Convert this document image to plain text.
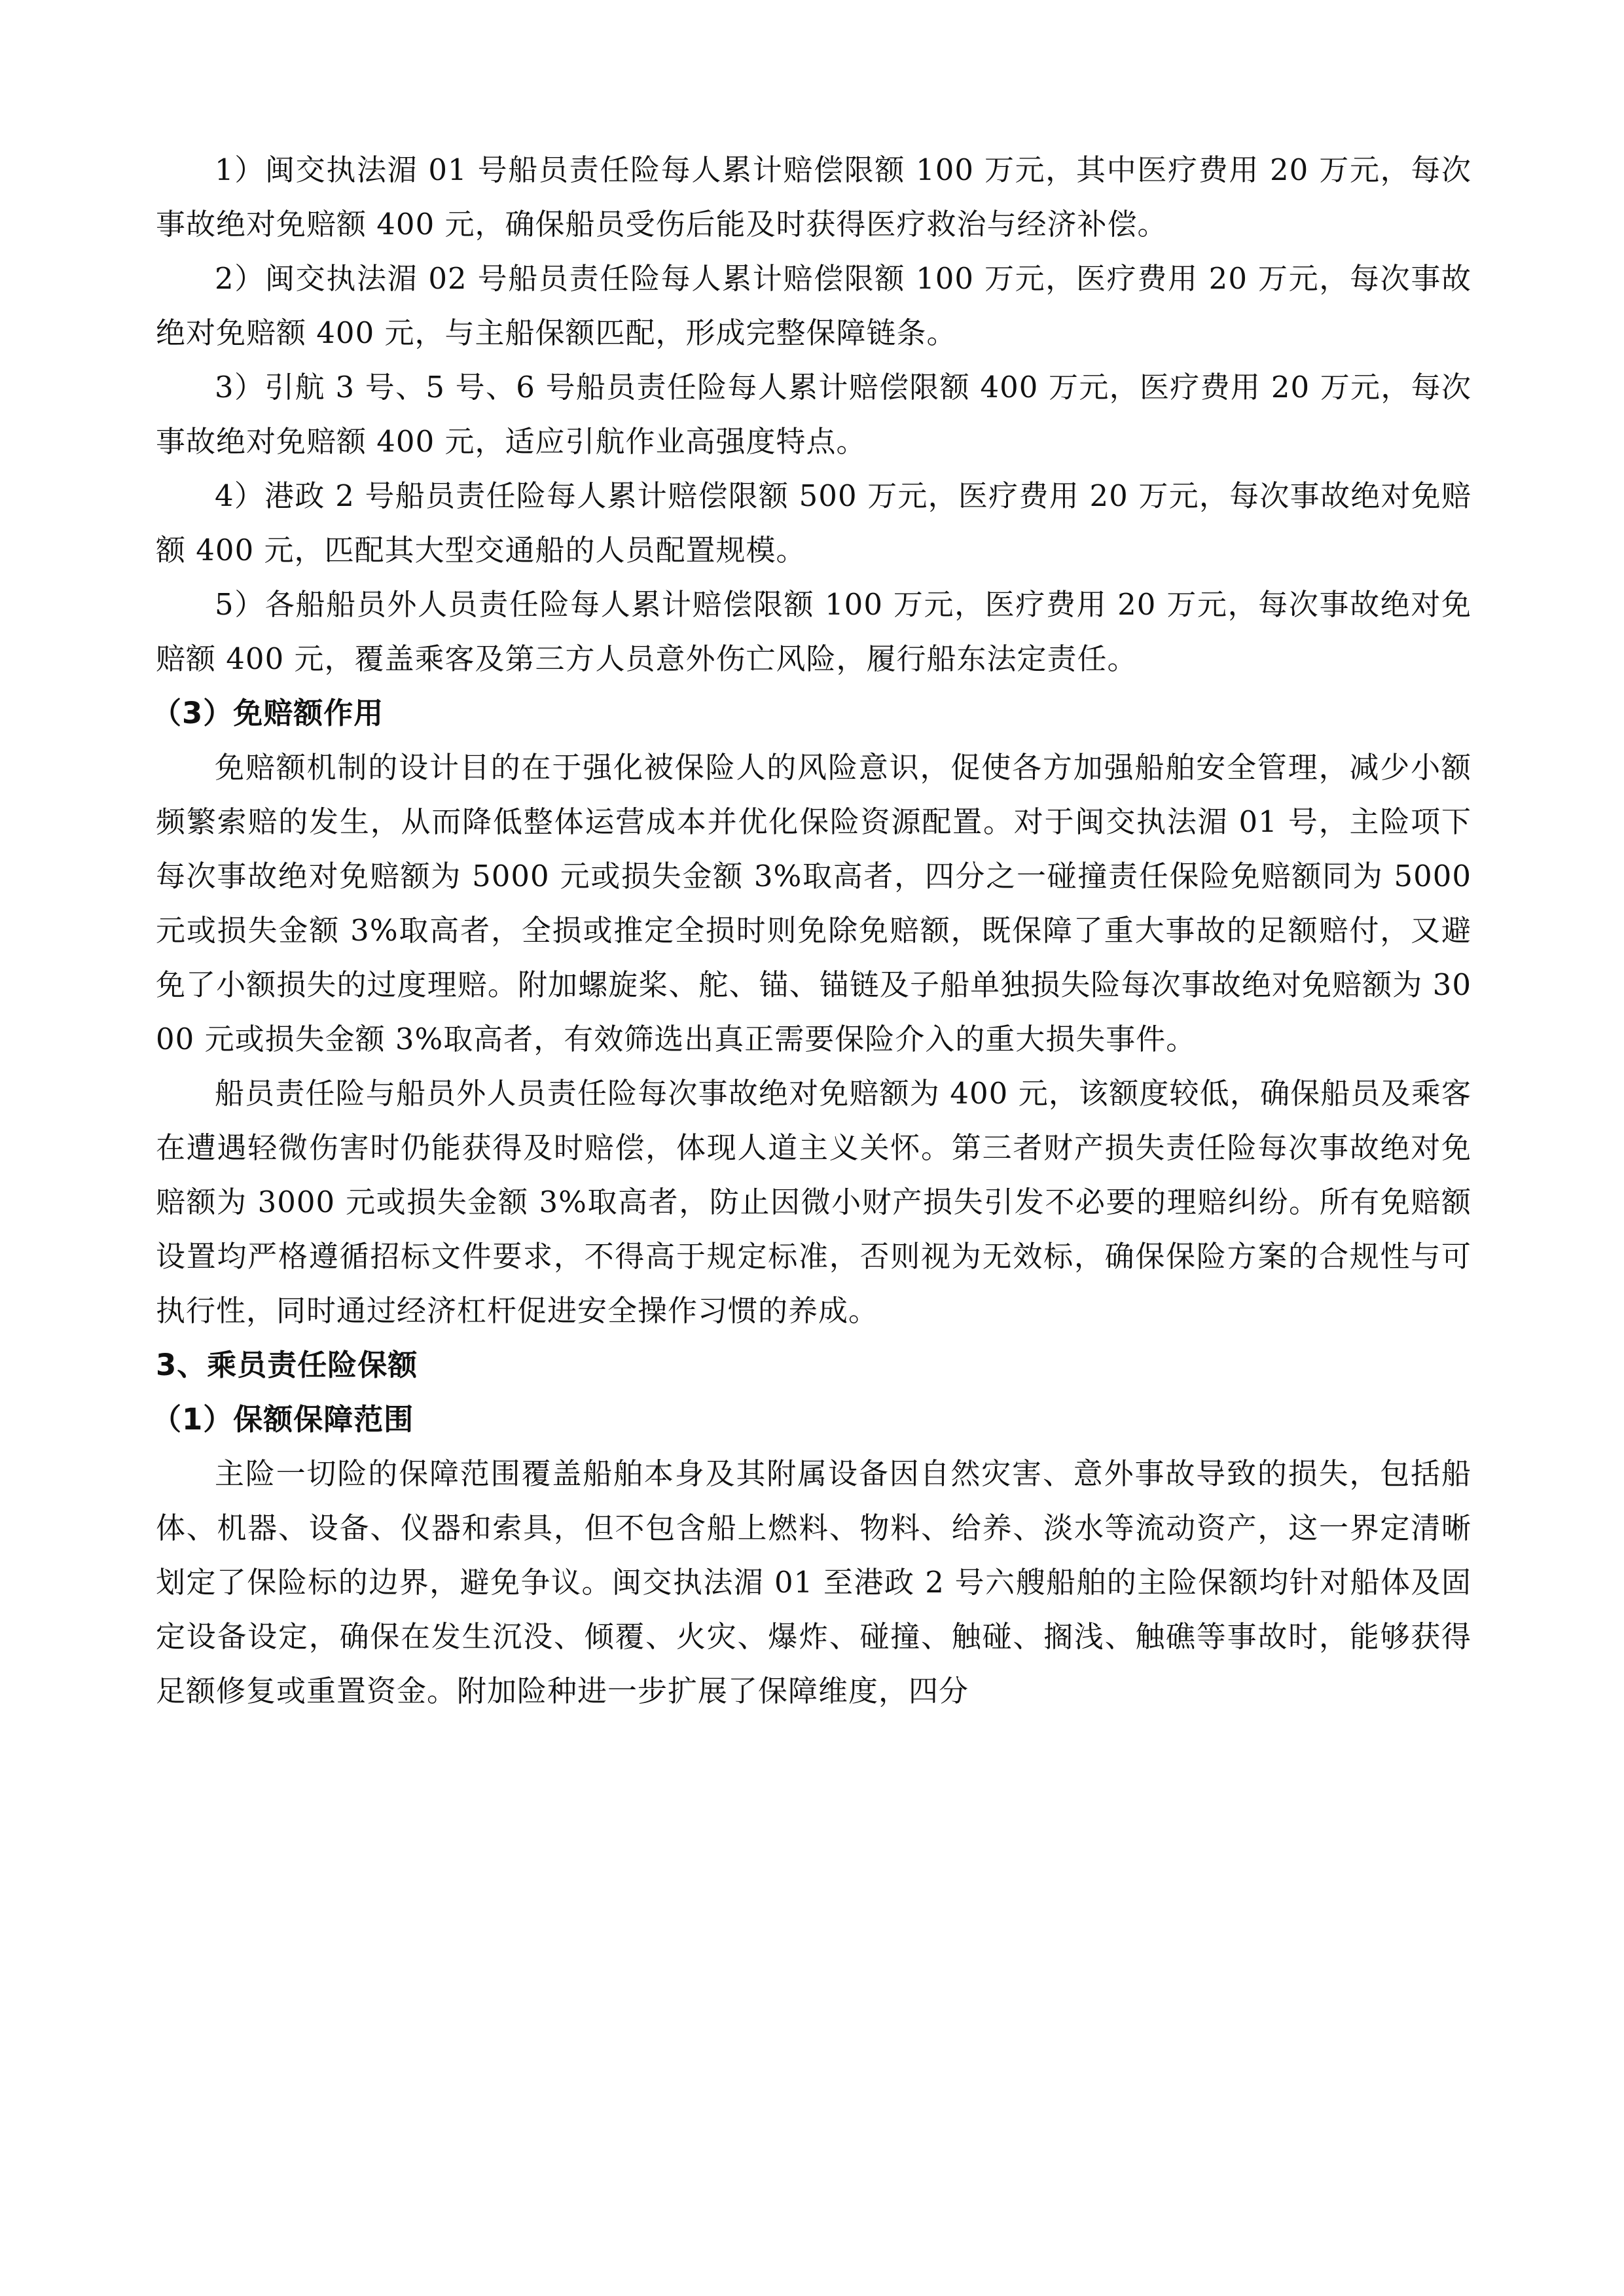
1）闽交执法湄 01 号船员责任险每人累计赔偿限额 100 万元，其中医疗费用 20 万元，每次事故绝对免赔额 400 元，确保船员受伤后能及时获得医疗救治与经济补偿。

2）闽交执法湄 02 号船员责任险每人累计赔偿限额 100 万元，医疗费用 20 万元，每次事故绝对免赔额 400 元，与主船保额匹配，形成完整保障链条。

3）引航 3 号、5 号、6 号船员责任险每人累计赔偿限额 400 万元，医疗费用 20 万元，每次事故绝对免赔额 400 元，适应引航作业高强度特点。

4）港政 2 号船员责任险每人累计赔偿限额 500 万元，医疗费用 20 万元，每次事故绝对免赔额 400 元，匹配其大型交通船的人员配置规模。

5）各船船员外人员责任险每人累计赔偿限额 100 万元，医疗费用 20 万元，每次事故绝对免赔额 400 元，覆盖乘客及第三方人员意外伤亡风险，履行船东法定责任。

（3）免赔额作用

免赔额机制的设计目的在于强化被保险人的风险意识，促使各方加强船舶安全管理，减少小额频繁索赔的发生，从而降低整体运营成本并优化保险资源配置。对于闽交执法湄 01 号，主险项下每次事故绝对免赔额为 5000 元或损失金额 3%取高者，四分之一碰撞责任保险免赔额同为 5000 元或损失金额 3%取高者，全损或推定全损时则免除免赔额，既保障了重大事故的足额赔付，又避免了小额损失的过度理赔。附加螺旋桨、舵、锚、锚链及子船单独损失险每次事故绝对免赔额为 3000 元或损失金额 3%取高者，有效筛选出真正需要保险介入的重大损失事件。

船员责任险与船员外人员责任险每次事故绝对免赔额为 400 元，该额度较低，确保船员及乘客在遭遇轻微伤害时仍能获得及时赔偿，体现人道主义关怀。第三者财产损失责任险每次事故绝对免赔额为 3000 元或损失金额 3%取高者，防止因微小财产损失引发不必要的理赔纠纷。所有免赔额设置均严格遵循招标文件要求，不得高于规定标准，否则视为无效标，确保保险方案的合规性与可执行性，同时通过经济杠杆促进安全操作习惯的养成。

3、乘员责任险保额

（1）保额保障范围

主险一切险的保障范围覆盖船舶本身及其附属设备因自然灾害、意外事故导致的损失，包括船体、机器、设备、仪器和索具，但不包含船上燃料、物料、给养、淡水等流动资产，这一界定清晰划定了保险标的边界，避免争议。闽交执法湄 01 至港政 2 号六艘船舶的主险保额均针对船体及固定设备设定，确保在发生沉没、倾覆、火灾、爆炸、碰撞、触碰、搁浅、触礁等事故时，能够获得足额修复或重置资金。附加险种进一步扩展了保障维度，四分
